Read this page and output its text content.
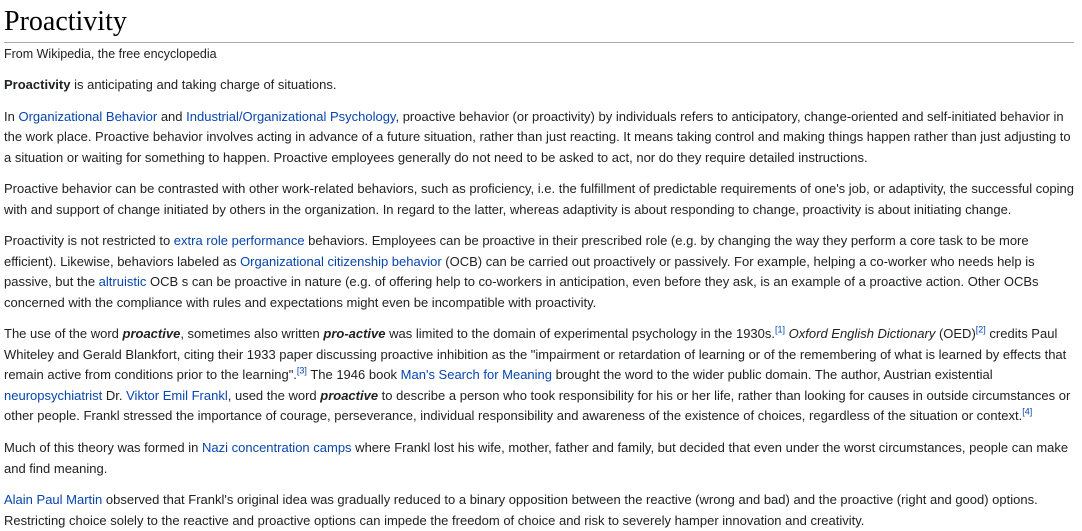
Proactivity
From Wikipedia, the free encyclopedia

Proactivity is anticipating and taking charge of situations.

In Organizational Behavior and Industrial/Organizational Psychology, proactive behavior (or proactivity) by individuals refers to anticipatory, change-oriented and self-initiated behavior in the work place. Proactive behavior involves acting in advance of a future situation, rather than just reacting. It means taking control and making things happen rather than just adjusting to a situation or waiting for something to happen. Proactive employees generally do not need to be asked to act, nor do they require detailed instructions.

Proactive behavior can be contrasted with other work-related behaviors, such as proficiency, i.e. the fulfillment of predictable requirements of one's job, or adaptivity, the successful coping with and support of change initiated by others in the organization. In regard to the latter, whereas adaptivity is about responding to change, proactivity is about initiating change.

Proactivity is not restricted to extra role performance behaviors. Employees can be proactive in their prescribed role (e.g. by changing the way they perform a core task to be more efficient). Likewise, behaviors labeled as Organizational citizenship behavior (OCB) can be carried out proactively or passively. For example, helping a co-worker who needs help is passive, but the altruistic OCB s can be proactive in nature (e.g. of offering help to co-workers in anticipation, even before they ask, is an example of a proactive action. Other OCBs concerned with the compliance with rules and expectations might even be incompatible with proactivity.

The use of the word proactive, sometimes also written pro-active was limited to the domain of experimental psychology in the 1930s.[1] Oxford English Dictionary (OED)[2] credits Paul Whiteley and Gerald Blankfort, citing their 1933 paper discussing proactive inhibition as the "impairment or retardation of learning or of the remembering of what is learned by effects that remain active from conditions prior to the learning".[3] The 1946 book Man's Search for Meaning brought the word to the wider public domain. The author, Austrian existential neuropsychiatrist Dr. Viktor Emil Frankl, used the word proactive to describe a person who took responsibility for his or her life, rather than looking for causes in outside circumstances or other people. Frankl stressed the importance of courage, perseverance, individual responsibility and awareness of the existence of choices, regardless of the situation or context.[4]

Much of this theory was formed in Nazi concentration camps where Frankl lost his wife, mother, father and family, but decided that even under the worst circumstances, people can make and find meaning.

Alain Paul Martin observed that Frankl's original idea was gradually reduced to a binary opposition between the reactive (wrong and bad) and the proactive (right and good) options. Restricting choice solely to the reactive and proactive options can impede the freedom of choice and risk to severely hamper innovation and creativity.
